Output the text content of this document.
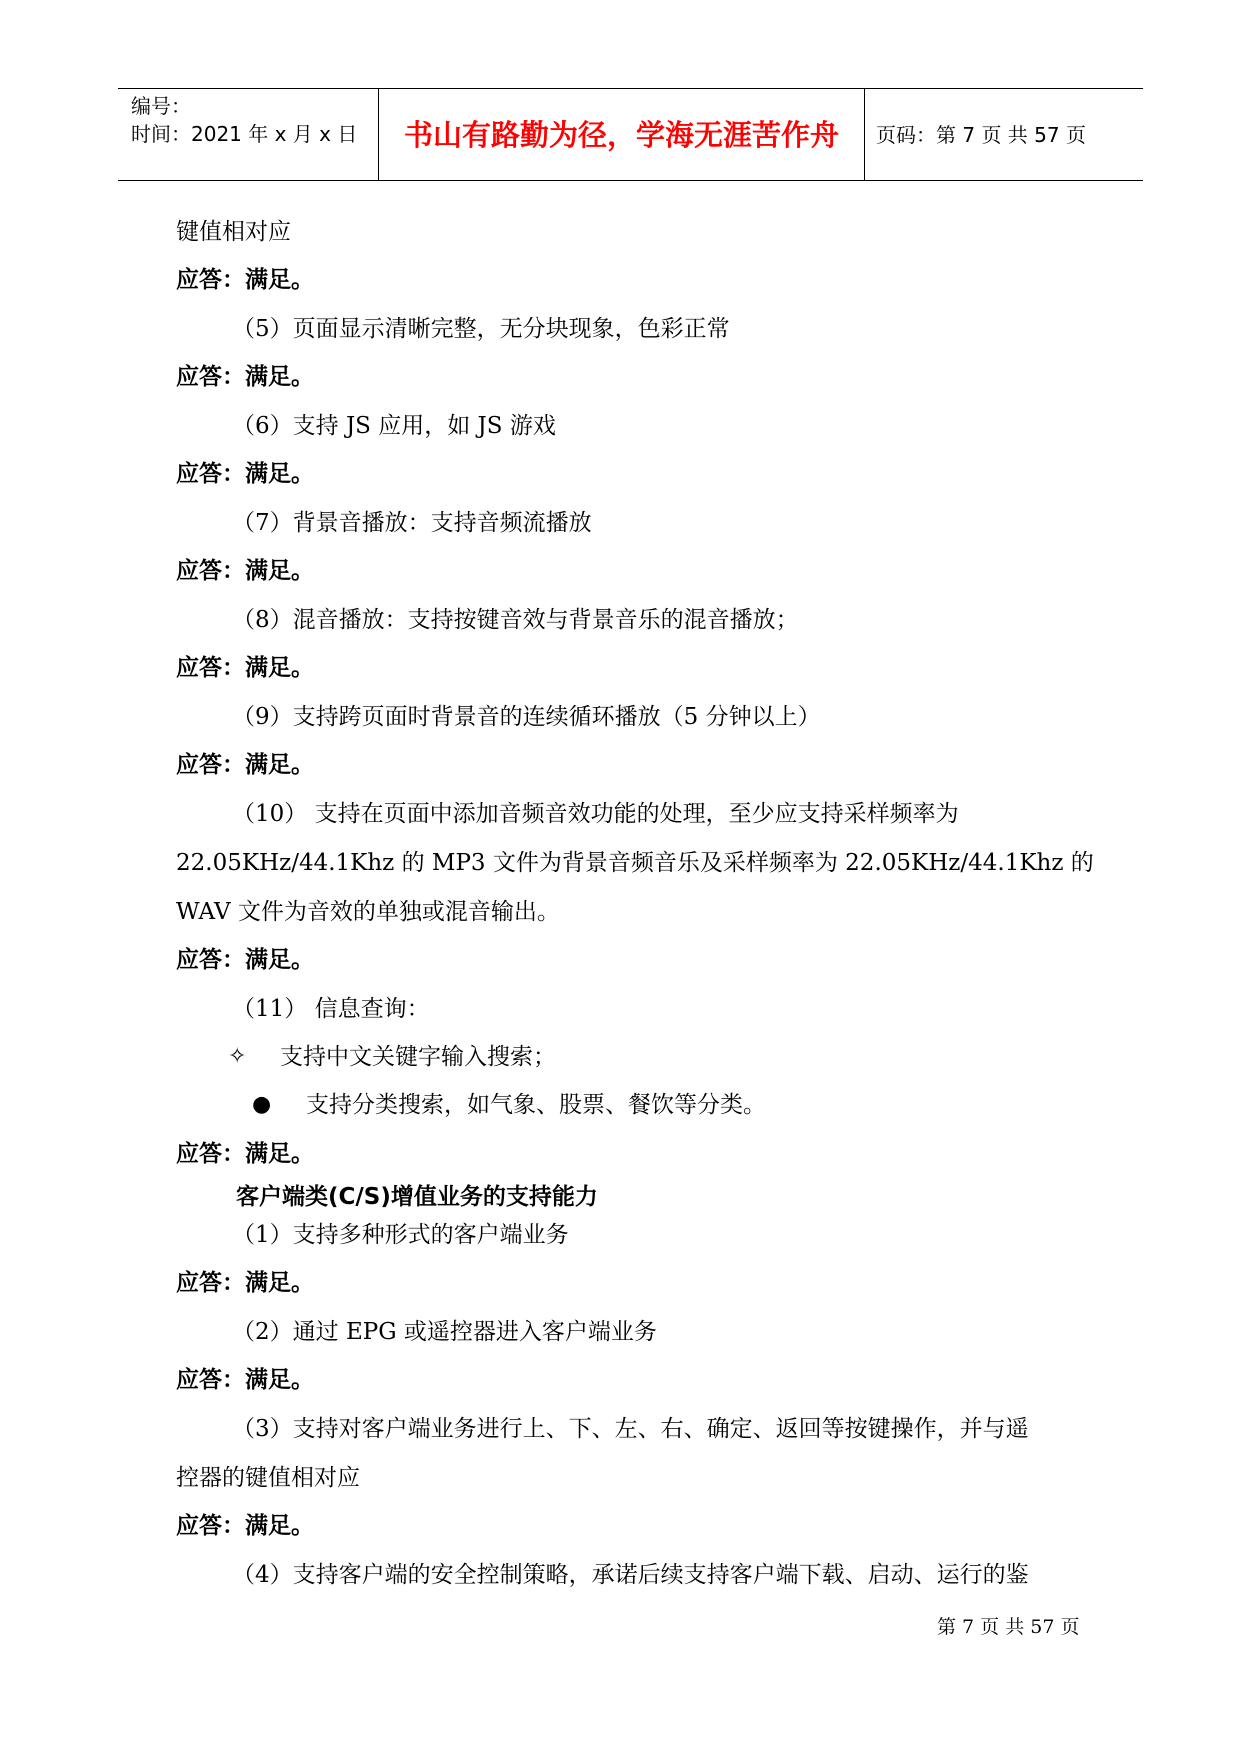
编号：
时间：2021 年 x 月 x 日	书山有路勤为径，学海无涯苦作舟	页码：第 7 页 共 57 页
键值相对应
应答：满足。
（5）页面显示清晰完整，无分块现象，色彩正常
应答：满足。
（6）支持 JS 应用，如 JS 游戏
应答：满足。
（7）背景音播放：支持音频流播放
应答：满足。
（8）混音播放：支持按键音效与背景音乐的混音播放；
应答：满足。
（9）支持跨页面时背景音的连续循环播放（5 分钟以上）
应答：满足。
（10） 支持在页面中添加音频音效功能的处理，至少应支持采样频率为
22.05KHz/44.1Khz 的 MP3 文件为背景音频音乐及采样频率为 22.05KHz/44.1Khz 的
WAV 文件为音效的单独或混音输出。
应答：满足。
（11） 信息查询：
✧ 支持中文关键字输入搜索；
● 支持分类搜索，如气象、股票、餐饮等分类。
应答：满足。
客户端类(C/S)增值业务的支持能力
（1）支持多种形式的客户端业务
应答：满足。
（2）通过 EPG 或遥控器进入客户端业务
应答：满足。
（3）支持对客户端业务进行上、下、左、右、确定、返回等按键操作，并与遥
控器的键值相对应
应答：满足。
（4）支持客户端的安全控制策略，承诺后续支持客户端下载、启动、运行的鉴
第 7 页 共 57 页
